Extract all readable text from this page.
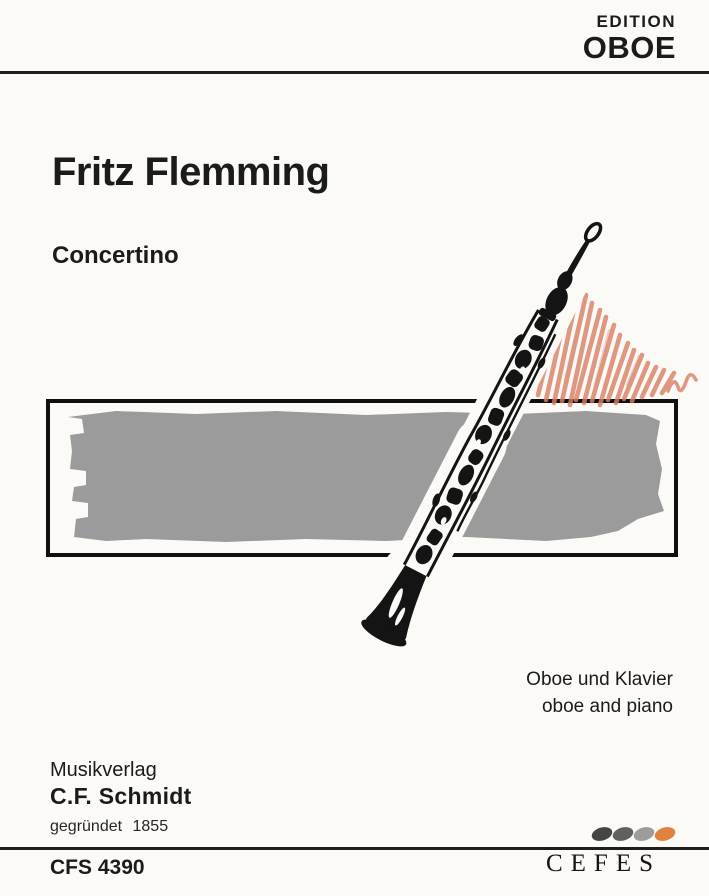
EDITION
OBOE
Fritz Flemming
Concertino
Oboe und Klavier
oboe and piano
Musikverlag
C.F. Schmidt
gegründet 1855
CFS 4390	CEFES
